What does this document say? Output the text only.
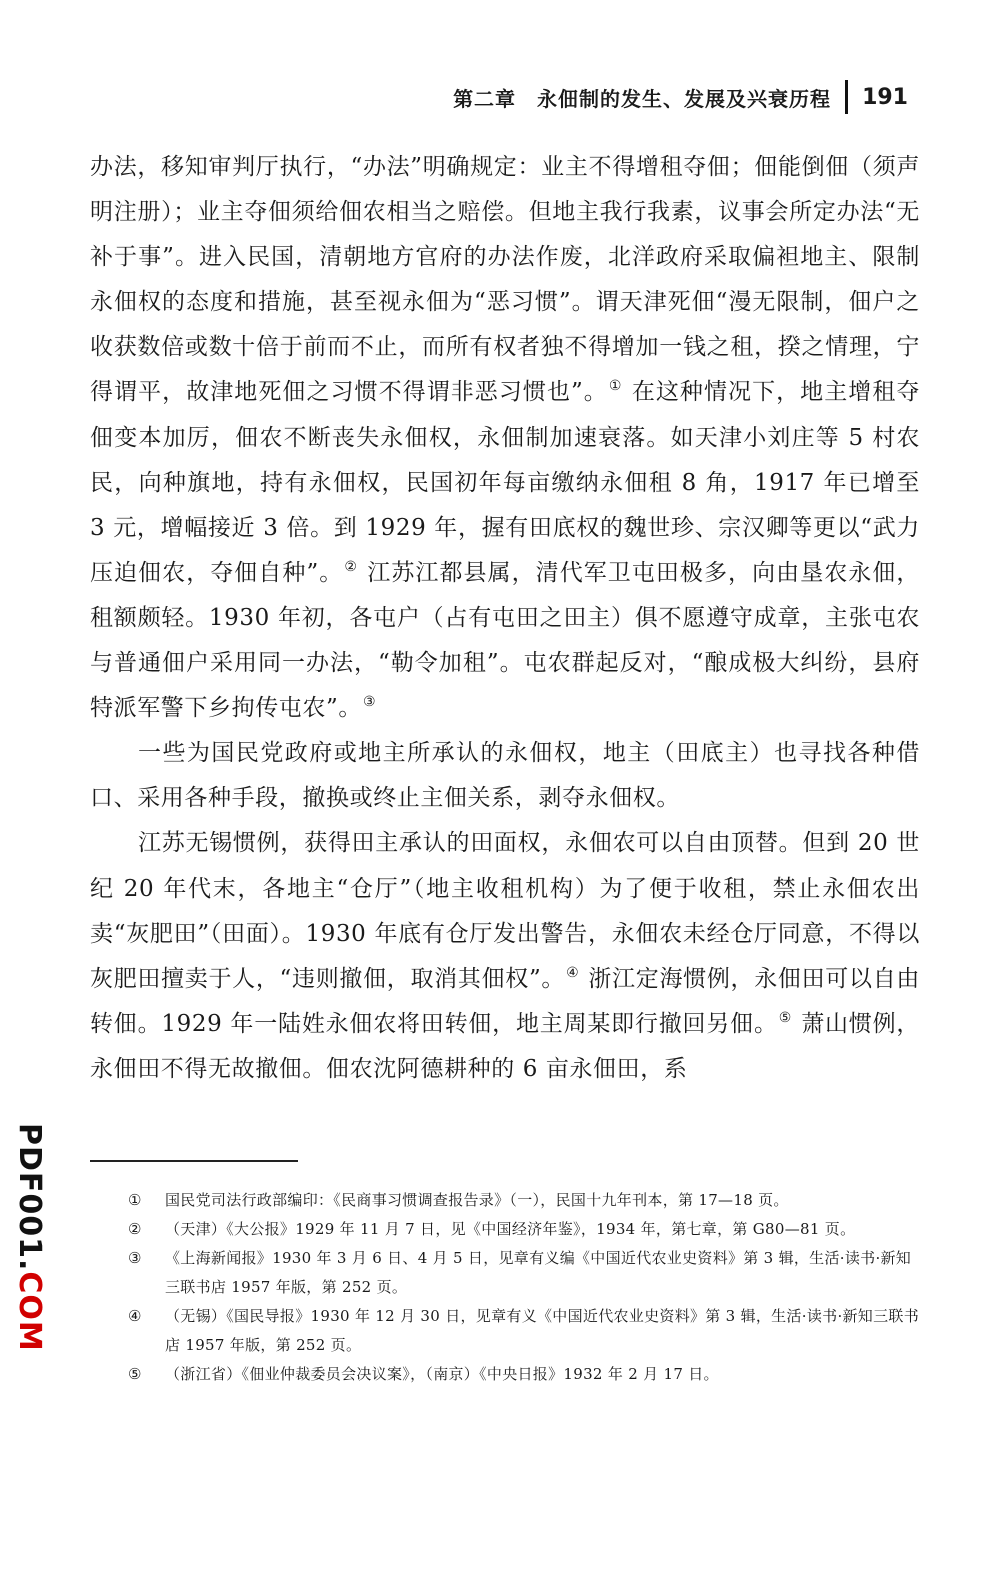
第二章　永佃制的发生、发展及兴衰历程 191

办法，移知审判厅执行，“办法”明确规定：业主不得增租夺佃；佃能倒佃（须声明注册）；业主夺佃须给佃农相当之赔偿。但地主我行我素，议事会所定办法“无补于事”。进入民国，清朝地方官府的办法作废，北洋政府采取偏袒地主、限制永佃权的态度和措施，甚至视永佃为“恶习惯”。谓天津死佃“漫无限制，佃户之收获数倍或数十倍于前而不止，而所有权者独不得增加一钱之租，揆之情理，宁得谓平，故津地死佃之习惯不得谓非恶习惯也”。① 在这种情况下，地主增租夺佃变本加厉，佃农不断丧失永佃权，永佃制加速衰落。如天津小刘庄等 5 村农民，向种旗地，持有永佃权，民国初年每亩缴纳永佃租 8 角，1917 年已增至 3 元，增幅接近 3 倍。到 1929 年，握有田底权的魏世珍、宗汉卿等更以“武力压迫佃农，夺佃自种”。② 江苏江都县属，清代军卫屯田极多，向由垦农永佃，租额颇轻。1930 年初，各屯户（占有屯田之田主）俱不愿遵守成章，主张屯农与普通佃户采用同一办法，“勒令加租”。屯农群起反对，“酿成极大纠纷，县府特派军警下乡拘传屯农”。③

一些为国民党政府或地主所承认的永佃权，地主（田底主）也寻找各种借口、采用各种手段，撤换或终止主佃关系，剥夺永佃权。

江苏无锡惯例，获得田主承认的田面权，永佃农可以自由顶替。但到 20 世纪 20 年代末，各地主“仓厅”（地主收租机构）为了便于收租，禁止永佃农出卖“灰肥田”（田面）。1930 年底有仓厅发出警告，永佃农未经仓厅同意，不得以灰肥田擅卖于人，“违则撤佃，取消其佃权”。④ 浙江定海惯例，永佃田可以自由转佃。1929 年一陆姓永佃农将田转佃，地主周某即行撤回另佃。⑤ 萧山惯例，永佃田不得无故撤佃。佃农沈阿德耕种的 6 亩永佃田，系

① 国民党司法行政部编印：《民商事习惯调查报告录》（一），民国十九年刊本，第 17—18 页。

② （天津）《大公报》1929 年 11 月 7 日，见《中国经济年鉴》，1934 年，第七章，第 G80—81 页。

③ 《上海新闻报》1930 年 3 月 6 日、4 月 5 日，见章有义编《中国近代农业史资料》第 3 辑，生活·读书·新知三联书店 1957 年版，第 252 页。

④ （无锡）《国民导报》1930 年 12 月 30 日，见章有义《中国近代农业史资料》第 3 辑，生活·读书·新知三联书店 1957 年版，第 252 页。

⑤ （浙江省）《佃业仲裁委员会决议案》，（南京）《中央日报》1932 年 2 月 17 日。

PDF001.COM
